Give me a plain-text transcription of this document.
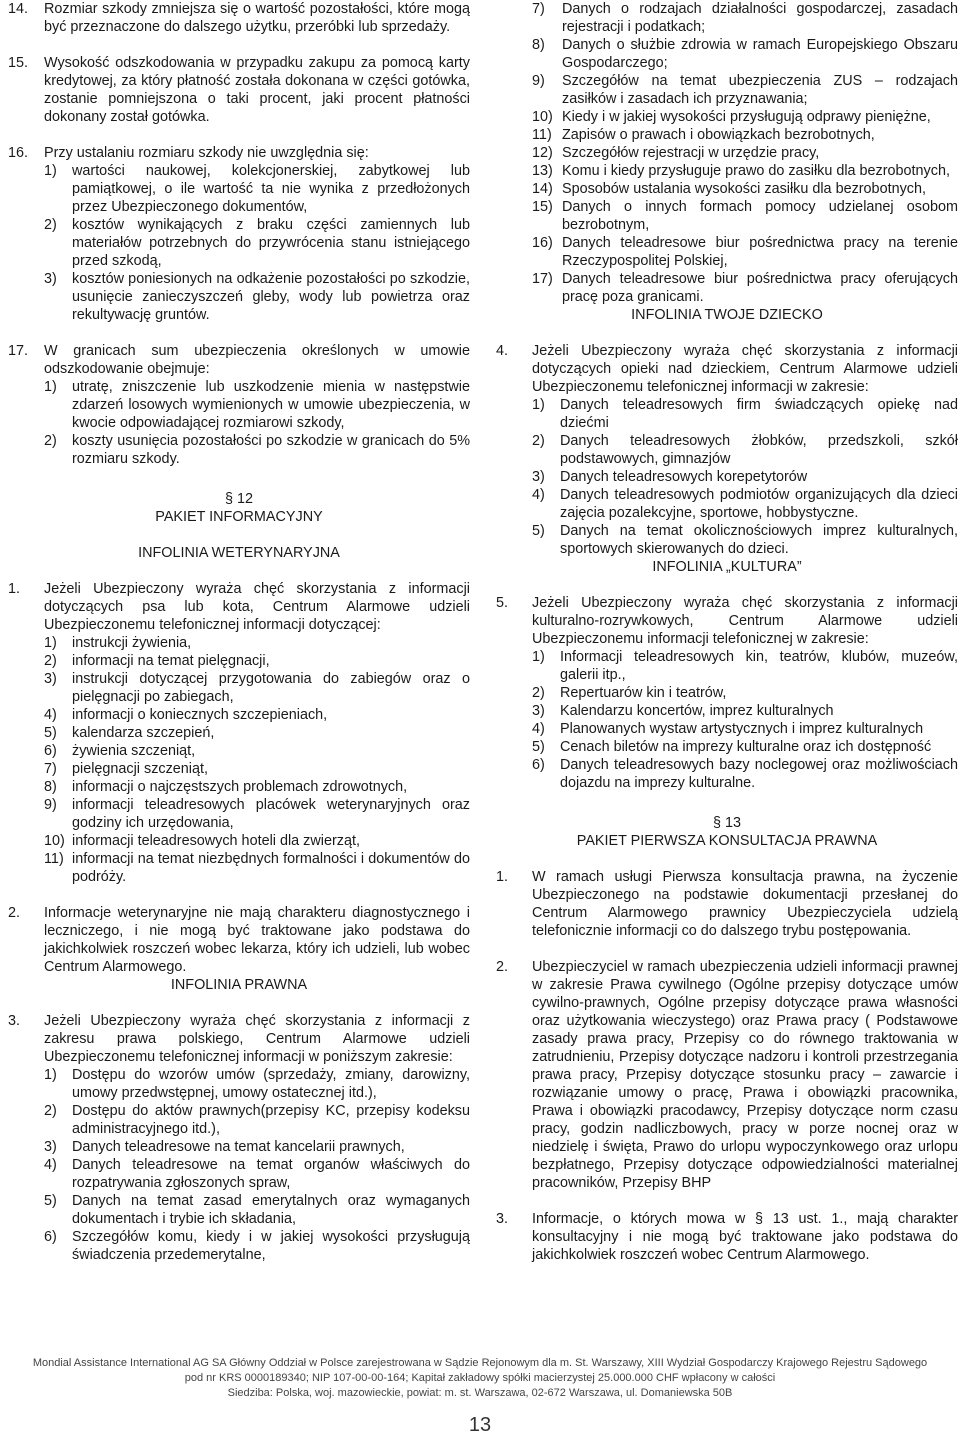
14.	Rozmiar szkody zmniejsza się o wartość pozostałości, które mogą być przeznaczone do dalszego użytku, przeróbki lub sprzedaży.
15.	Wysokość odszkodowania w przypadku zakupu za pomocą karty kredytowej, za który płatność została dokonana w części gotówka, zostanie pomniejszona o taki procent, jaki procent płatności dokonany został gotówka.
16.	Przy ustalaniu rozmiaru szkody nie uwzględnia się:
1)	wartości naukowej, kolekcjonerskiej, zabytkowej lub pamiątkowej, o ile wartość ta nie wynika z przedłożonych przez Ubezpieczonego dokumentów,
2)	kosztów wynikających z braku części zamiennych lub materiałów potrzebnych do przywrócenia stanu istniejącego przed szkodą,
3)	kosztów poniesionych na odkażenie pozostałości po szkodzie, usunięcie zanieczyszczeń gleby, wody lub powietrza oraz rekultywację gruntów.
17.	W granicach sum ubezpieczenia określonych w umowie odszkodowanie obejmuje:
1)	utratę, zniszczenie lub uszkodzenie mienia w następstwie zdarzeń losowych wymienionych w umowie ubezpieczenia, w kwocie odpowiadającej rozmiarowi szkody,
2)	koszty usunięcia pozostałości po szkodzie w granicach do 5% rozmiaru szkody.

§ 12

PAKIET INFORMACYJNY

INFOLINIA WETERYNARYJNA

1.	Jeżeli Ubezpieczony wyraża chęć skorzystania z informacji dotyczących psa lub kota, Centrum Alarmowe udzieli Ubezpieczonemu telefonicznej informacji dotyczącej:
1)	instrukcji żywienia,
2)	informacji na temat pielęgnacji,
3)	instrukcji dotyczącej przygotowania do zabiegów oraz o pielęgnacji po zabiegach,
4)	informacji o koniecznych szczepieniach,
5)	kalendarza szczepień,
6)	żywienia szczeniąt,
7)	pielęgnacji szczeniąt,
8)	informacji o najczęstszych problemach zdrowotnych,
9)	informacji teleadresowych placówek weterynaryjnych oraz godziny ich urzędowania,
10) informacji teleadresowych hoteli dla zwierząt,
11) informacji na temat niezbędnych formalności i dokumentów do podróży.
2.	Informacje weterynaryjne nie mają charakteru diagnostycznego i leczniczego, i nie mogą być traktowane jako podstawa do jakichkolwiek roszczeń wobec lekarza, który ich udzieli, lub wobec Centrum Alarmowego.

INFOLINIA PRAWNA

3.	Jeżeli Ubezpieczony wyraża chęć skorzystania z informacji z zakresu prawa polskiego, Centrum Alarmowe udzieli Ubezpieczonemu telefonicznej informacji w poniższym zakresie:
1)	Dostępu do wzorów umów (sprzedaży, zmiany, darowizny, umowy przedwstępnej, umowy ostatecznej itd.),
2)	Dostępu do aktów prawnych(przepisy KC, przepisy kodeksu administracyjnego itd.),
3)	Danych teleadresowe na temat kancelarii prawnych,
4)	Danych teleadresowe na temat organów właściwych do rozpatrywania zgłoszonych spraw,
5)	Danych na temat zasad emerytalnych oraz wymaganych dokumentach i trybie ich składania,
6)	Szczegółów komu, kiedy i w jakiej wysokości przysługują świadczenia przedemerytalne,
7)	Danych o rodzajach działalności gospodarczej, zasadach rejestracji i podatkach;
8)	Danych o służbie zdrowia w ramach Europejskiego Obszaru Gospodarczego;
9)	Szczegółów na temat ubezpieczenia ZUS – rodzajach zasiłków i zasadach ich przyznawania;
10) Kiedy i w jakiej wysokości przysługują odprawy pieniężne,
11) Zapisów o prawach i obowiązkach bezrobotnych,
12) Szczegółów rejestracji w urzędzie pracy,
13) Komu i kiedy przysługuje prawo do zasiłku dla bezrobotnych,
14) Sposobów ustalania wysokości zasiłku dla bezrobotnych,
15) Danych o innych formach pomocy udzielanej osobom bezrobotnym,
16) Danych teleadresowe biur pośrednictwa pracy na terenie Rzeczypospolitej Polskiej,
17) Danych teleadresowe biur pośrednictwa pracy oferujących pracę poza granicami.

INFOLINIA TWOJE DZIECKO

4.	Jeżeli Ubezpieczony wyraża chęć skorzystania z informacji dotyczących opieki nad dzieckiem, Centrum Alarmowe udzieli Ubezpieczonemu telefonicznej informacji w zakresie:
1)	Danych teleadresowych firm świadczących opiekę nad dziećmi
2)	Danych teleadresowych żłobków, przedszkoli, szkół podstawowych, gimnazjów
3)	Danych teleadresowych korepetytorów
4)	Danych teleadresowych podmiotów organizujących dla dzieci zajęcia pozalekcyjne, sportowe, hobbystyczne.
5)	Danych na temat okolicznościowych imprez kulturalnych, sportowych skierowanych do dzieci.

INFOLINIA „KULTURA”

5.	Jeżeli Ubezpieczony wyraża chęć skorzystania z informacji kulturalno-rozrywkowych, Centrum Alarmowe udzieli Ubezpieczonemu informacji telefonicznej w zakresie:
1)	Informacji teleadresowych kin, teatrów, klubów, muzeów, galerii itp.,
2)	Repertuarów kin i teatrów,
3)	Kalendarzu koncertów, imprez kulturalnych
4)	Planowanych wystaw artystycznych i imprez kulturalnych
5)	Cenach biletów na imprezy kulturalne oraz ich dostępność
6)	Danych teleadresowych bazy noclegowej oraz możliwościach dojazdu na imprezy kulturalne.

§ 13

PAKIET PIERWSZA KONSULTACJA PRAWNA

1.	W ramach usługi Pierwsza konsultacja prawna, na życzenie Ubezpieczonego na podstawie dokumentacji przesłanej do Centrum Alarmowego prawnicy Ubezpieczyciela udzielą telefonicznie informacji co do dalszego trybu postępowania.
2.	Ubezpieczyciel w ramach ubezpieczenia udzieli informacji prawnej w zakresie Prawa cywilnego (Ogólne przepisy dotyczące umów cywilno-prawnych, Ogólne przepisy dotyczące prawa własności oraz użytkowania wieczystego) oraz Prawa pracy ( Podstawowe zasady prawa pracy, Przepisy co do równego traktowania w zatrudnieniu, Przepisy dotyczące nadzoru i kontroli przestrzegania prawa pracy, Przepisy dotyczące stosunku pracy – zawarcie i rozwiązanie umowy o pracę, Prawa i obowiązki pracownika, Prawa i obowiązki pracodawcy, Przepisy dotyczące norm czasu pracy, godzin nadliczbowych, pracy w porze nocnej oraz w niedzielę i święta, Prawo do urlopu wypoczynkowego oraz urlopu bezpłatnego, Przepisy dotyczące odpowiedzialności materialnej pracowników, Przepisy BHP
3.	Informacje, o których mowa w § 13 ust. 1., mają charakter konsultacyjny i nie mogą być traktowane jako podstawa do jakichkolwiek roszczeń wobec Centrum Alarmowego.
Mondial Assistance International AG SA Główny Oddział w Polsce zarejestrowana w Sądzie Rejonowym dla m. St. Warszawy, XIII Wydział Gospodarczy Krajowego Rejestru Sądowego
pod nr KRS 0000189340; NIP 107-00-00-164; Kapitał zakładowy spółki macierzystej 25.000.000 CHF wpłacony w całości
Siedziba: Polska, woj. mazowieckie, powiat: m. st. Warszawa, 02-672 Warszawa, ul. Domaniewska 50B
13
